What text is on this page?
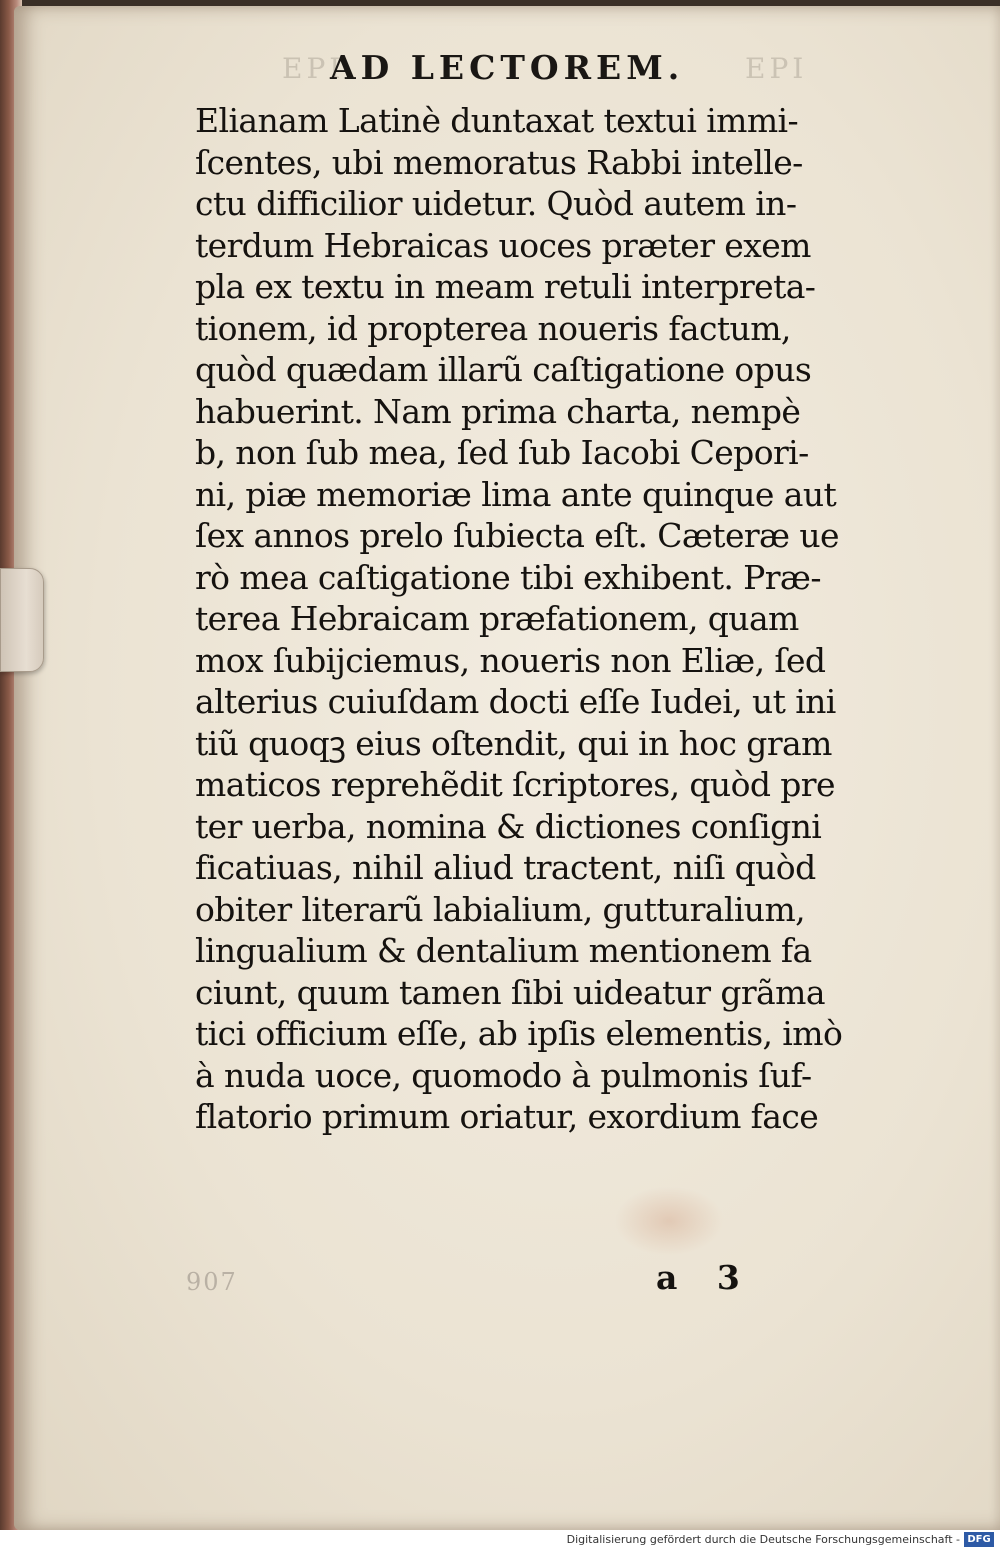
EPI	EPI
AD LECTOREM.
Elianam Latinè duntaxat textui immi-
ſcentes, ubi memoratus Rabbi intelle-
ctu difficilior uidetur. Quòd autem in-
terdum Hebraicas uoces præter exem
pla ex textu in meam retuli interpreta-
tionem, id propterea noueris factum,
quòd quædam illarũ caſtigatione opus
habuerint. Nam prima charta, nempè
b, non ſub mea, ſed ſub Iacobi Cepori-
ni, piæ memoriæ lima ante quinque aut
ſex annos prelo ſubiecta eſt. Cæteræ ue
rò mea caſtigatione tibi exhibent. Præ-
terea Hebraicam præfationem, quam
mox ſubijciemus, noueris non Eliæ, ſed
alterius cuiuſdam docti eſſe Iudei, ut ini
tiũ quoqꝫ eius oſtendit, qui in hoc gram
maticos reprehẽdit ſcriptores, quòd pre
ter uerba, nomina & dictiones conſigni
ficatiuas, nihil aliud tractent, niſi quòd
obiter literarũ labialium, gutturalium,
lingualium & dentalium mentionem fa
ciunt, quum tamen ſibi uideatur grãma
tici officium eſſe, ab ipſis elementis, imò
à nuda uoce, quomodo à pulmonis ſuf-
flatorio primum oriatur, exordium face
907	a 3
Digitalisierung gefördert durch die Deutsche Forschungsgemeinschaft - DFG
